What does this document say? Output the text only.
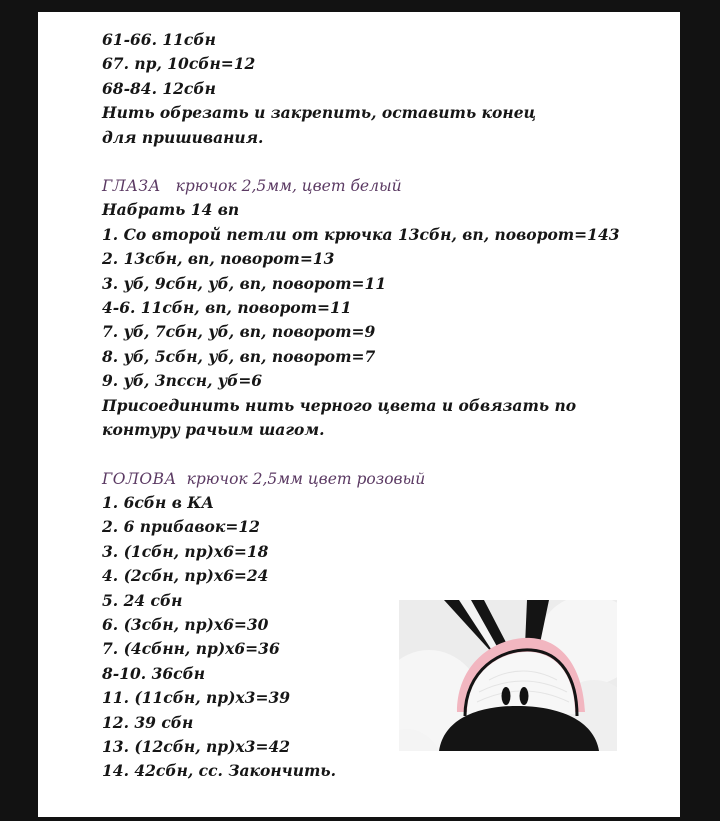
61-66. 11сбн
67. пр, 10сбн=12
68-84. 12сбн
Нить обрезать и закрепить, оставить конец для пришивания.
ГЛАЗА крючок 2,5мм, цвет белый
Набрать 14 вп
1. Со второй петли от крючка 13сбн, вп, поворот=143
2. 13сбн, вп, поворот=13
3. уб, 9сбн, уб, вп, поворот=11
4-6. 11сбн, вп, поворот=11
7. уб, 7сбн, уб, вп, поворот=9
8. уб, 5сбн, уб, вп, поворот=7
9. уб, 3пссн, уб=6
Присоединить нить черного цвета и обвязать по контуру рачьим шагом.
ГОЛОВА крючок 2,5мм цвет розовый
1. 6сбн в КА
2. 6 прибавок=12
3. (1сбн, пр)х6=18
4. (2сбн, пр)х6=24
5. 24 сбн
6. (3сбн, пр)х6=30
7. (4сбнн, пр)х6=36
8-10. 36сбн
11. (11сбн, пр)х3=39
12. 39 сбн
13. (12сбн, пр)х3=42
14. 42сбн, сс. Закончить.
